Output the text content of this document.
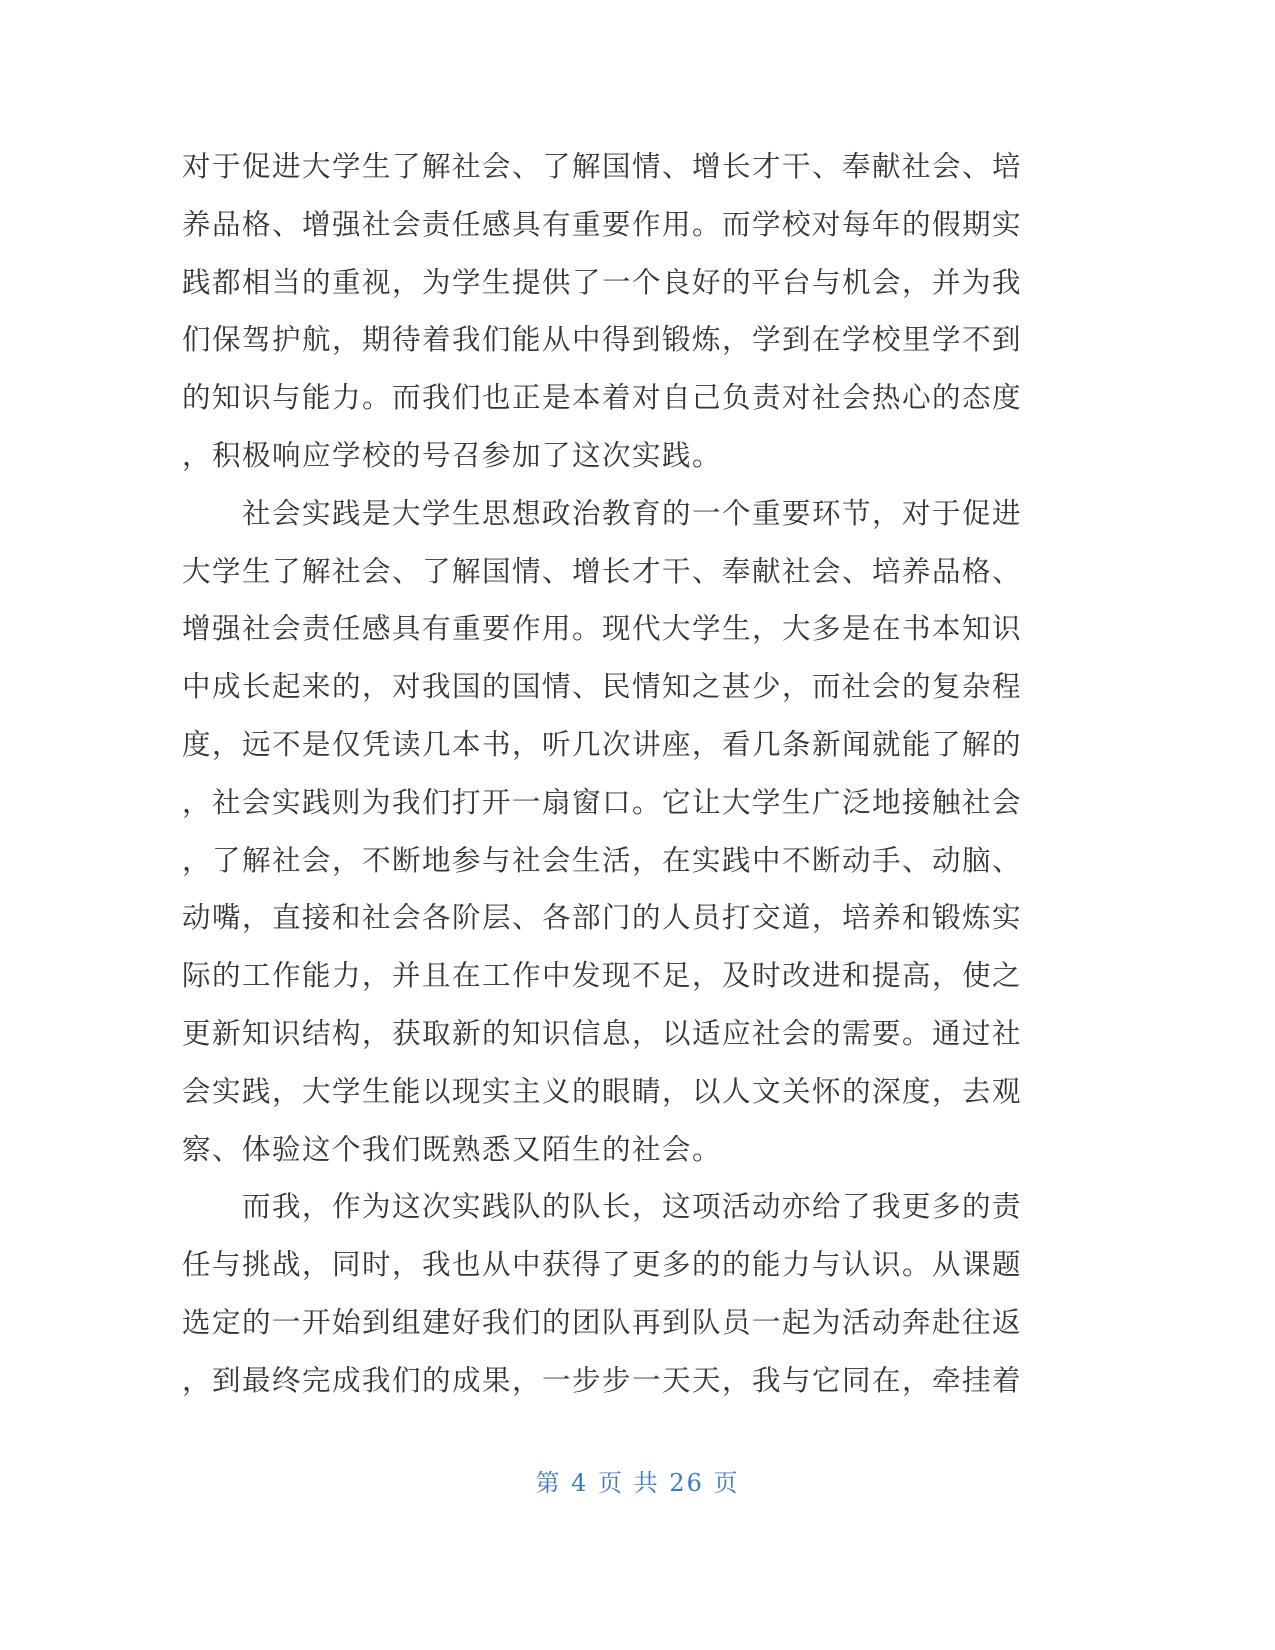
对于促进大学生了解社会、了解国情、增长才干、奉献社会、培
养品格、增强社会责任感具有重要作用。而学校对每年的假期实
践都相当的重视，为学生提供了一个良好的平台与机会，并为我
们保驾护航，期待着我们能从中得到锻炼，学到在学校里学不到
的知识与能力。而我们也正是本着对自己负责对社会热心的态度
，积极响应学校的号召参加了这次实践。
社会实践是大学生思想政治教育的一个重要环节，对于促进
大学生了解社会、了解国情、增长才干、奉献社会、培养品格、
增强社会责任感具有重要作用。现代大学生，大多是在书本知识
中成长起来的，对我国的国情、民情知之甚少，而社会的复杂程
度，远不是仅凭读几本书，听几次讲座，看几条新闻就能了解的
，社会实践则为我们打开一扇窗口。它让大学生广泛地接触社会
，了解社会，不断地参与社会生活，在实践中不断动手、动脑、
动嘴，直接和社会各阶层、各部门的人员打交道，培养和锻炼实
际的工作能力，并且在工作中发现不足，及时改进和提高，使之
更新知识结构，获取新的知识信息，以适应社会的需要。通过社
会实践，大学生能以现实主义的眼睛，以人文关怀的深度，去观
察、体验这个我们既熟悉又陌生的社会。
而我，作为这次实践队的队长，这项活动亦给了我更多的责
任与挑战，同时，我也从中获得了更多的的能力与认识。从课题
选定的一开始到组建好我们的团队再到队员一起为活动奔赴往返
，到最终完成我们的成果，一步步一天天，我与它同在，牵挂着
第 4 页 共 26 页
